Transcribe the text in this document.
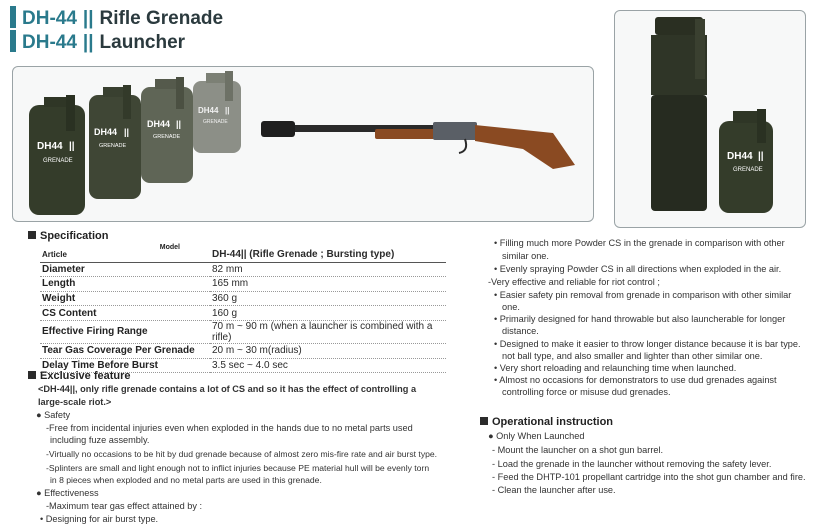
DH-44 || Rifle Grenade
DH-44 || Launcher
DH44 ||
GRENADE
DH44 ||
GRENADE
DH44 ||
GRENADE
DH44 ||
GRENADE
DH44 ||
GRENADE
Specification
Article
Model	DH-44|| (Rifle Grenade ; Bursting type)
Diameter	82 mm
Length	165 mm
Weight	360 g
CS Content	160 g
Effective Firing Range	70 m ~ 90 m (when a launcher is combined with a rifle)
Tear Gas Coverage Per Grenade	20 m ~ 30 m(radius)
Delay Time Before Burst	3.5 sec ~ 4.0 sec
Exclusive feature
<DH-44||, only rifle grenade contains a lot of CS and so it has the effect of controlling a
large-scale riot.>
● Safety
-Free from incidental injuries even when exploded in the hands due to no metal parts used
including fuze assembly.
-Virtually no occasions to be hit by dud grenade because of almost zero mis-fire rate and air burst type.
-Splinters are small and light enough not to inflict injuries because PE material hull will be evenly torn
in 8 pieces when exploded and no metal parts are used in this grenade.
● Effectiveness
-Maximum tear gas effect attained by :
• Designing for air burst type.
• Filling much more Powder CS in the grenade in comparison with other
similar one.
• Evenly spraying Powder CS in all directions when exploded in the air.
-Very effective and reliable for riot control ;
• Easier safety pin removal from grenade in comparison with other similar
one.
• Primarily designed for hand throwable but also launcherable for longer
distance.
• Designed to make it easier to throw longer distance because it is bar type.
not ball type, and also smaller and lighter than other similar one.
• Very short reloading and relaunching time when launched.
• Almost no occasions for demonstrators to use dud grenades against
controlling force or misuse dud grenades.
Operational instruction
● Only When Launched
- Mount the launcher on a shot gun barrel.
- Load the grenade in the launcher without removing the safety lever.
- Feed the DHTP-101 propellant cartridge into the shot gun chamber and fire.
- Clean the launcher after use.
